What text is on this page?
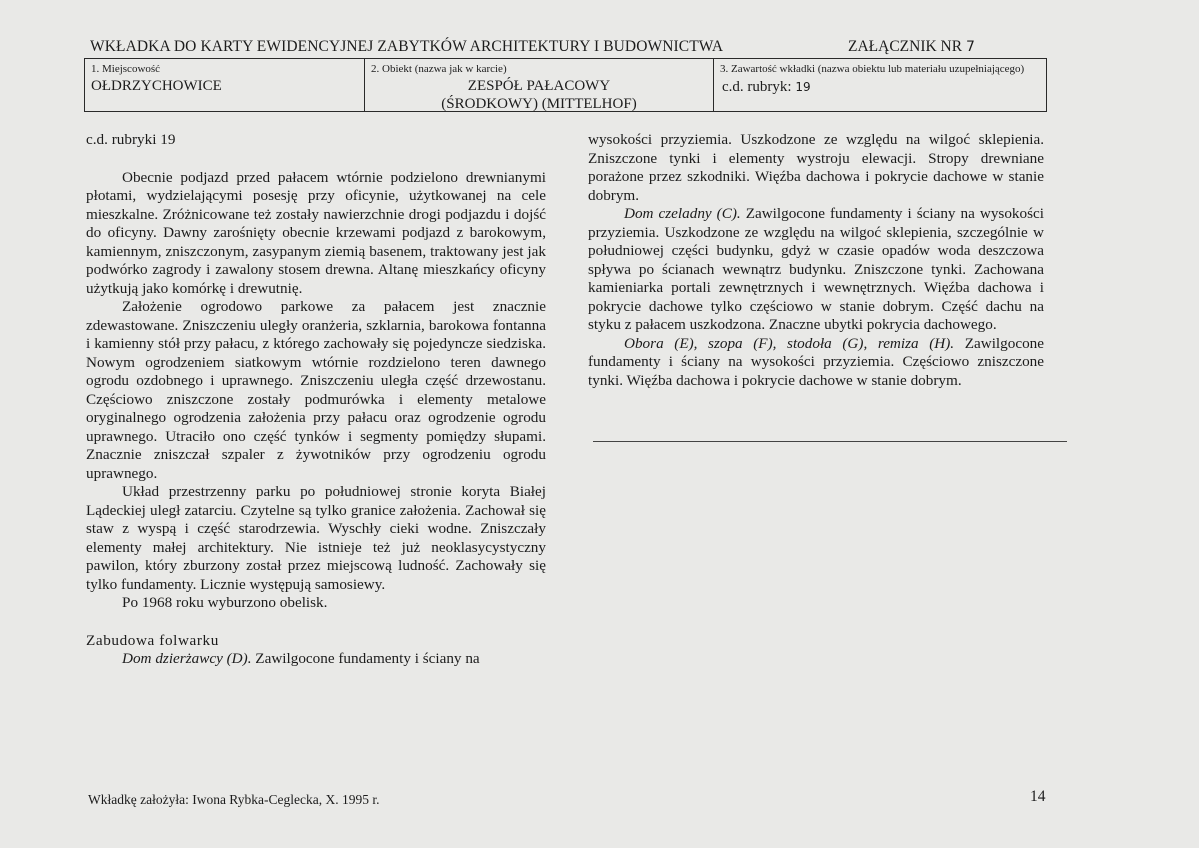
WKŁADKA DO KARTY EWIDENCYJNEJ ZABYTKÓW ARCHITEKTURY I BUDOWNICTWA	ZAŁĄCZNIK NR 7
1. Miejscowość
OŁDRZYCHOWICE
2. Obiekt (nazwa jak w karcie)
ZESPÓŁ PAŁACOWY
(ŚRODKOWY) (MITTELHOF)
3. Zawartość wkładki (nazwa obiektu lub materiału uzupełniającego)
c.d. rubryk: 19

c.d. rubryki 19

Obecnie podjazd przed pałacem wtórnie podzielono drewnianymi płotami, wydzielającymi posesję przy oficynie, użytkowanej na cele mieszkalne. Zróżnicowane też zostały nawierzchnie drogi podjazdu i dojść do oficyny. Dawny zarośnięty obecnie krzewami podjazd z barokowym, kamiennym, zniszczonym, zasypanym ziemią basenem, traktowany jest jak podwórko zagrody i zawalony stosem drewna. Altanę mieszkańcy oficyny użytkują jako komórkę i drewutnię.

Założenie ogrodowo parkowe za pałacem jest znacznie zdewastowane. Zniszczeniu uległy oranżeria, szklarnia, barokowa fontanna i kamienny stół przy pałacu, z którego zachowały się pojedyncze siedziska. Nowym ogrodzeniem siatkowym wtórnie rozdzielono teren dawnego ogrodu ozdobnego i uprawnego. Zniszczeniu uległa część drzewostanu. Częściowo zniszczone zostały podmurówka i elementy metalowe oryginalnego ogrodzenia założenia przy pałacu oraz ogrodzenie ogrodu uprawnego. Utraciło ono część tynków i segmenty pomiędzy słupami. Znacznie zniszczał szpaler z żywotników przy ogrodzeniu ogrodu uprawnego.

Układ przestrzenny parku po południowej stronie koryta Białej Lądeckiej uległ zatarciu. Czytelne są tylko granice założenia. Zachował się staw z wyspą i część starodrzewia. Wyschły cieki wodne. Zniszczały elementy małej architektury. Nie istnieje też już neoklasycystyczny pawilon, który zburzony został przez miejscową ludność. Zachowały się tylko fundamenty. Licznie występują samosiewy.

Po 1968 roku wyburzono obelisk.

Zabudowa folwarku

Dom dzierżawcy (D). Zawilgocone fundamenty i ściany na

wysokości przyziemia. Uszkodzone ze względu na wilgoć sklepienia. Zniszczone tynki i elementy wystroju elewacji. Stropy drewniane porażone przez szkodniki. Więźba dachowa i pokrycie dachowe w stanie dobrym.

Dom czeladny (C). Zawilgocone fundamenty i ściany na wysokości przyziemia. Uszkodzone ze względu na wilgoć sklepienia, szczególnie w południowej części budynku, gdyż w czasie opadów woda deszczowa spływa po ścianach wewnątrz budynku. Zniszczone tynki. Zachowana kamieniarka portali zewnętrznych i wewnętrznych. Więźba dachowa i pokrycie dachowe tylko częściowo w stanie dobrym. Część dachu na styku z pałacem uszkodzona. Znaczne ubytki pokrycia dachowego.

Obora (E), szopa (F), stodoła (G), remiza (H). Zawilgocone fundamenty i ściany na wysokości przyziemia. Częściowo zniszczone tynki. Więźba dachowa i pokrycie dachowe w stanie dobrym.

Wkładkę założyła: Iwona Rybka-Ceglecka, X. 1995 r.	14
